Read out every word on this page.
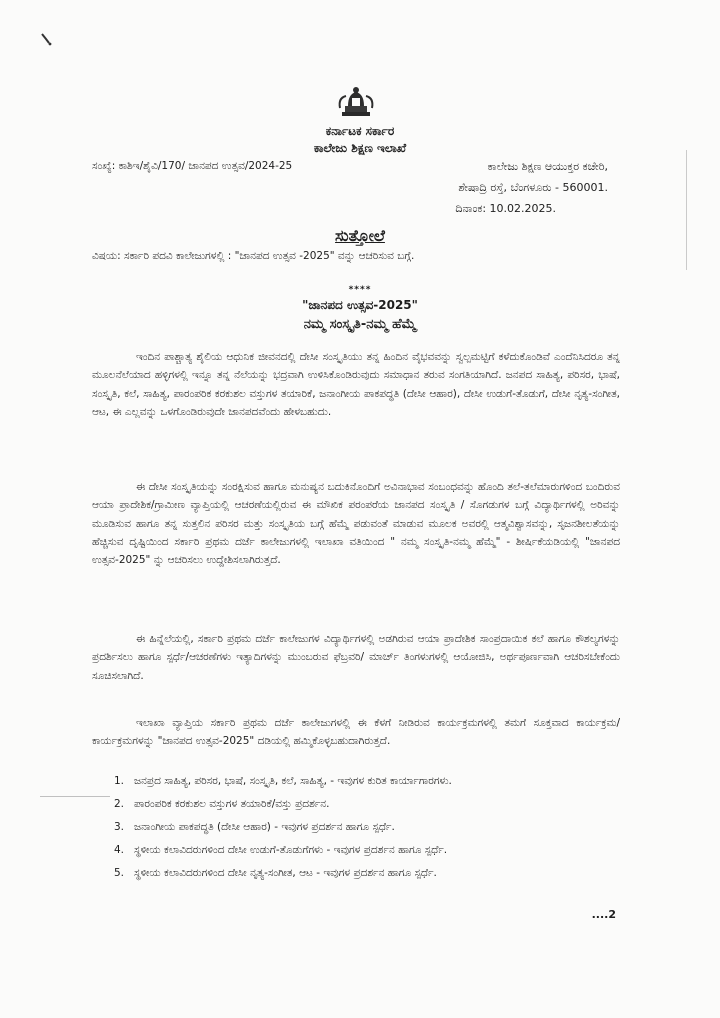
ಕರ್ನಾಟಕ ಸರ್ಕಾರ
ಕಾಲೇಜು ಶಿಕ್ಷಣ ಇಲಾಖೆ
ಸಂಖ್ಯೆ: ಕಾಶಿಇ/ಶೈವಿ/170/ ಜಾನಪದ ಉತ್ಸವ/2024-25	ಕಾಲೇಜು ಶಿಕ್ಷಣ ಆಯುಕ್ತರ ಕಚೇರಿ,
ಶೇಷಾದ್ರಿ ರಸ್ತೆ, ಬೆಂಗಳೂರು - 560001.
ದಿನಾಂಕ: 10.02.2025.
ಸುತ್ತೋಲೆ
ವಿಷಯ: ಸರ್ಕಾರಿ ಪದವಿ ಕಾಲೇಜುಗಳಲ್ಲಿ : "ಜಾನಪದ ಉತ್ಸವ -2025" ವನ್ನು ಆಚರಿಸುವ ಬಗ್ಗೆ.
****
"ಜಾನಪದ ಉತ್ಸವ-2025"
ನಮ್ಮ ಸಂಸ್ಕೃತಿ-ನಮ್ಮ ಹೆಮ್ಮೆ

ಇಂದಿನ ಪಾಶ್ಚಾತ್ಯ ಶೈಲಿಯ ಆಧುನಿಕ ಜೀವನದಲ್ಲಿ ದೇಸೀ ಸಂಸ್ಕೃತಿಯು ತನ್ನ ಹಿಂದಿನ ವೈಭವವನ್ನು ಸ್ವಲ್ಪಮಟ್ಟಿಗೆ ಕಳೆದುಕೊಂಡಿವೆ ಎಂದೆನಿಸಿದರೂ ತನ್ನ ಮೂಲನೆಲೆಯಾದ ಹಳ್ಳಿಗಳಲ್ಲಿ ಇನ್ನೂ ತನ್ನ ನೆಲೆಯನ್ನು ಭದ್ರವಾಗಿ ಉಳಿಸಿಕೊಂಡಿರುವುದು ಸಮಾಧಾನ ತರುವ ಸಂಗತಿಯಾಗಿದೆ. ಜನಪದ ಸಾಹಿತ್ಯ, ಪರಿಸರ, ಭಾಷೆ, ಸಂಸ್ಕೃತಿ, ಕಲೆ, ಸಾಹಿತ್ಯ, ಪಾರಂಪರಿಕ ಕರಕುಶಲ ವಸ್ತುಗಳ ತಯಾರಿಕೆ, ಜನಾಂಗೀಯ ಪಾಕಪದ್ಧತಿ (ದೇಸೀ ಆಹಾರ), ದೇಸೀ ಉಡುಗೆ-ತೊಡುಗೆ, ದೇಸೀ ನೃತ್ಯ-ಸಂಗೀತ, ಆಟ, ಈ ಎಲ್ಲವನ್ನು ಒಳಗೊಂಡಿರುವುದೇ ಜಾನಪದವೆಂದು ಹೇಳಬಹುದು.

ಈ ದೇಸೀ ಸಂಸ್ಕೃತಿಯನ್ನು ಸಂರಕ್ಷಿಸುವ ಹಾಗೂ ಮನುಷ್ಯನ ಬದುಕಿನೊಂದಿಗೆ ಅವಿನಾಭಾವ ಸಂಬಂಧವನ್ನು ಹೊಂದಿ ತಲೆ-ತಲೆಮಾರುಗಳಿಂದ ಬಂದಿರುವ ಆಯಾ ಪ್ರಾದೇಶಿಕ/ಗ್ರಾಮೀಣ ವ್ಯಾಪ್ತಿಯಲ್ಲಿ ಆಚರಣೆಯಲ್ಲಿರುವ ಈ ಮೌಖಿಕ ಪರಂಪರೆಯ ಜಾನಪದ ಸಂಸ್ಕೃತಿ / ಸೊಗಡುಗಳ ಬಗ್ಗೆ ವಿದ್ಯಾರ್ಥಿಗಳಲ್ಲಿ ಅರಿವನ್ನು ಮೂಡಿಸುವ ಹಾಗೂ ತನ್ನ ಸುತ್ತಲಿನ ಪರಿಸರ ಮತ್ತು ಸಂಸ್ಕೃತಿಯ ಬಗ್ಗೆ ಹೆಮ್ಮೆ ಪಡುವಂತೆ ಮಾಡುವ ಮೂಲಕ ಅವರಲ್ಲಿ ಆತ್ಮವಿಶ್ವಾಸವನ್ನು, ಸೃಜನಶೀಲತೆಯನ್ನು ಹೆಚ್ಚಿಸುವ ದೃಷ್ಟಿಯಿಂದ ಸರ್ಕಾರಿ ಪ್ರಥಮ ದರ್ಜೆ ಕಾಲೇಜುಗಳಲ್ಲಿ ಇಲಾಖಾ ವತಿಯಿಂದ " ನಮ್ಮ ಸಂಸ್ಕೃತಿ-ನಮ್ಮ ಹೆಮ್ಮೆ" - ಶೀರ್ಷಿಕೆಯಡಿಯಲ್ಲಿ "ಜಾನಪದ ಉತ್ಸವ-2025" ನ್ನು ಆಚರಿಸಲು ಉದ್ದೇಶಿಸಲಾಗಿರುತ್ತದೆ.

ಈ ಹಿನ್ನೆಲೆಯಲ್ಲಿ, ಸರ್ಕಾರಿ ಪ್ರಥಮ ದರ್ಜೆ ಕಾಲೇಜುಗಳ ವಿದ್ಯಾರ್ಥಿಗಳಲ್ಲಿ ಅಡಗಿರುವ ಆಯಾ ಪ್ರಾದೇಶಿಕ ಸಾಂಪ್ರದಾಯಿಕ ಕಲೆ ಹಾಗೂ ಕೌಶಲ್ಯಗಳನ್ನು ಪ್ರದರ್ಶಿಸಲು ಹಾಗೂ ಸ್ಪರ್ಧೆ/ಆಚರಣೆಗಳು ಇತ್ಯಾದಿಗಳನ್ನು ಮುಂಬರುವ ಫೆಬ್ರವರಿ/ ಮಾರ್ಚ್ ತಿಂಗಳುಗಳಲ್ಲಿ ಆಯೋಜಿಸಿ, ಅರ್ಥಪೂರ್ಣವಾಗಿ ಆಚರಿಸಬೇಕೆಂದು ಸೂಚಿಸಲಾಗಿದೆ.

ಇಲಾಖಾ ವ್ಯಾಪ್ತಿಯ ಸರ್ಕಾರಿ ಪ್ರಥಮ ದರ್ಜೆ ಕಾಲೇಜುಗಳಲ್ಲಿ ಈ ಕೆಳಗೆ ನೀಡಿರುವ ಕಾರ್ಯಕ್ರಮಗಳಲ್ಲಿ ತಮಗೆ ಸೂಕ್ತವಾದ ಕಾರ್ಯಕ್ರಮ/ಕಾರ್ಯಕ್ರಮಗಳನ್ನು "ಜಾನಪದ ಉತ್ಸವ-2025" ದಡಿಯಲ್ಲಿ ಹಮ್ಮಿಕೊಳ್ಳಬಹುದಾಗಿರುತ್ತದೆ.

1. ಜನಪ್ರದ ಸಾಹಿತ್ಯ, ಪರಿಸರ, ಭಾಷೆ, ಸಂಸ್ಕೃತಿ, ಕಲೆ, ಸಾಹಿತ್ಯ, - ಇವುಗಳ ಕುರಿತ ಕಾರ್ಯಾಗಾರಗಳು.
2. ಪಾರಂಪರಿಕ ಕರಕುಶಲ ವಸ್ತುಗಳ ತಯಾರಿಕೆ/ವಸ್ತು ಪ್ರದರ್ಶನ.
3. ಜನಾಂಗೀಯ ಪಾಕಪದ್ಧತಿ (ದೇಸೀ ಆಹಾರ) - ಇವುಗಳ ಪ್ರದರ್ಶನ ಹಾಗೂ ಸ್ಪರ್ಧೆ.
4. ಸ್ಥಳೀಯ ಕಲಾವಿದರುಗಳಿಂದ ದೇಸೀ ಉಡುಗೆ-ತೊಡುಗೆಗಳು - ಇವುಗಳ ಪ್ರದರ್ಶನ ಹಾಗೂ ಸ್ಪರ್ಧೆ.
5. ಸ್ಥಳೀಯ ಕಲಾವಿದರುಗಳಿಂದ ದೇಸೀ ನೃತ್ಯ-ಸಂಗೀತ, ಆಟ - ಇವುಗಳ ಪ್ರದರ್ಶನ ಹಾಗೂ ಸ್ಪರ್ಧೆ.
....2
